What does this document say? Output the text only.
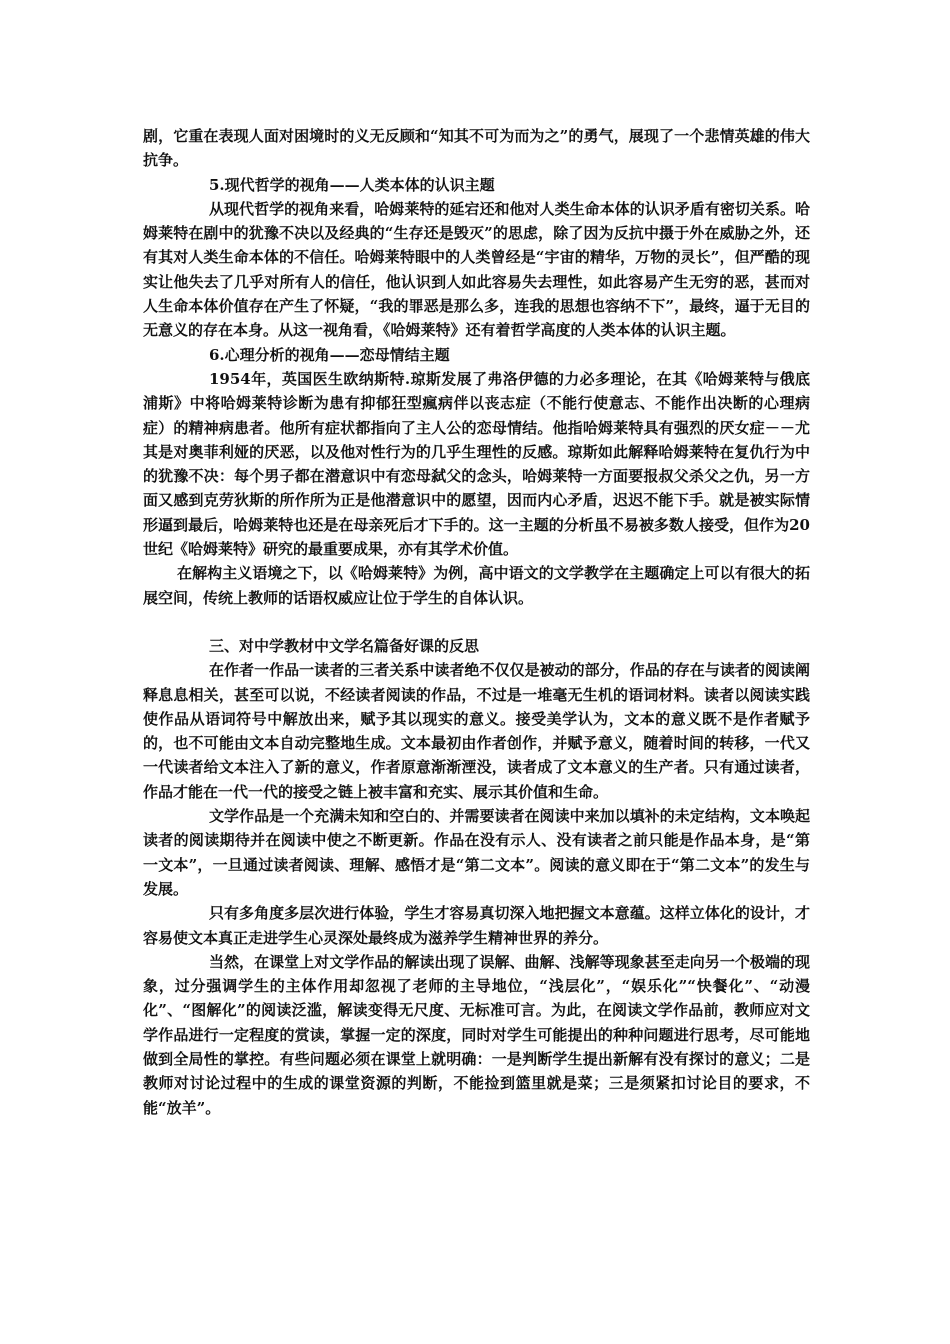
剧，它重在表现人面对困境时的义无反顾和“知其不可为而为之”的勇气，展现了一个悲情英雄的伟大抗争。

5.现代哲学的视角——人类本体的认识主题

从现代哲学的视角来看，哈姆莱特的延宕还和他对人类生命本体的认识矛盾有密切关系。哈姆莱特在剧中的犹豫不决以及经典的“生存还是毁灭”的思虑，除了因为反抗中摄于外在威胁之外，还有其对人类生命本体的不信任。哈姆莱特眼中的人类曾经是“宇宙的精华，万物的灵长”，但严酷的现实让他失去了几乎对所有人的信任，他认识到人如此容易失去理性，如此容易产生无穷的恶，甚而对人生命本体价值存在产生了怀疑，“我的罪恶是那么多，连我的思想也容纳不下”，最终，逼于无目的无意义的存在本身。从这一视角看，《哈姆莱特》还有着哲学高度的人类本体的认识主题。

6.心理分析的视角——恋母情结主题

1954年，英国医生欧纳斯特.琼斯发展了弗洛伊德的力必多理论，在其《哈姆莱特与俄底浦斯》中将哈姆莱特诊断为患有抑郁狂型瘋病伴以丧志症（不能行使意志、不能作出决断的心理病症）的精神病患者。他所有症状都指向了主人公的恋母情结。他指哈姆莱特具有强烈的厌女症－－尤其是对奥菲利娅的厌恶，以及他对性行为的几乎生理性的反感。琼斯如此解释哈姆莱特在复仇行为中的犹豫不决：每个男子都在潜意识中有恋母弑父的念头，哈姆莱特一方面要报叔父杀父之仇，另一方面又感到克劳狄斯的所作所为正是他潜意识中的愿望，因而内心矛盾，迟迟不能下手。就是被实际情形逼到最后，哈姆莱特也还是在母亲死后才下手的。这一主题的分析虽不易被多数人接受，但作为20世纪《哈姆莱特》研究的最重要成果，亦有其学术价值。

在解构主义语境之下，以《哈姆莱特》为例，高中语文的文学教学在主题确定上可以有很大的拓展空间，传统上教师的话语权威应让位于学生的自体认识。

三、对中学教材中文学名篇备好课的反思

在作者一作品一读者的三者关系中读者绝不仅仅是被动的部分，作品的存在与读者的阅读阐释息息相关，甚至可以说，不经读者阅读的作品，不过是一堆毫无生机的语词材料。读者以阅读实践使作品从语词符号中解放出来，赋予其以现实的意义。接受美学认为，文本的意义既不是作者赋予的，也不可能由文本自动完整地生成。文本最初由作者创作，并赋予意义，随着时间的转移，一代又一代读者给文本注入了新的意义，作者原意渐渐湮没，读者成了文本意义的生产者。只有通过读者，作品才能在一代一代的接受之链上被丰富和充实、展示其价值和生命。

文学作品是一个充满未知和空白的、并需要读者在阅读中来加以填补的未定结构，文本唤起读者的阅读期待并在阅读中使之不断更新。作品在没有示人、没有读者之前只能是作品本身，是“第一文本”，一旦通过读者阅读、理解、感悟才是“第二文本”。阅读的意义即在于“第二文本”的发生与发展。

只有多角度多层次进行体验，学生才容易真切深入地把握文本意蕴。这样立体化的设计，才容易使文本真正走进学生心灵深处最终成为滋养学生精神世界的养分。

当然，在课堂上对文学作品的解读出现了误解、曲解、浅解等现象甚至走向另一个极端的现象，过分强调学生的主体作用却忽视了老师的主导地位，“浅层化”，“娱乐化”“快餐化”、“动漫化”、“图解化”的阅读泛滥，解读变得无尺度、无标准可言。为此，在阅读文学作品前，教师应对文学作品进行一定程度的赏读，掌握一定的深度，同时对学生可能提出的种种问题进行思考，尽可能地做到全局性的掌控。有些问题必须在课堂上就明确：一是判断学生提出新解有没有探讨的意义；二是教师对讨论过程中的生成的课堂资源的判断，不能捡到篮里就是菜；三是须紧扣讨论目的要求，不能“放羊”。
